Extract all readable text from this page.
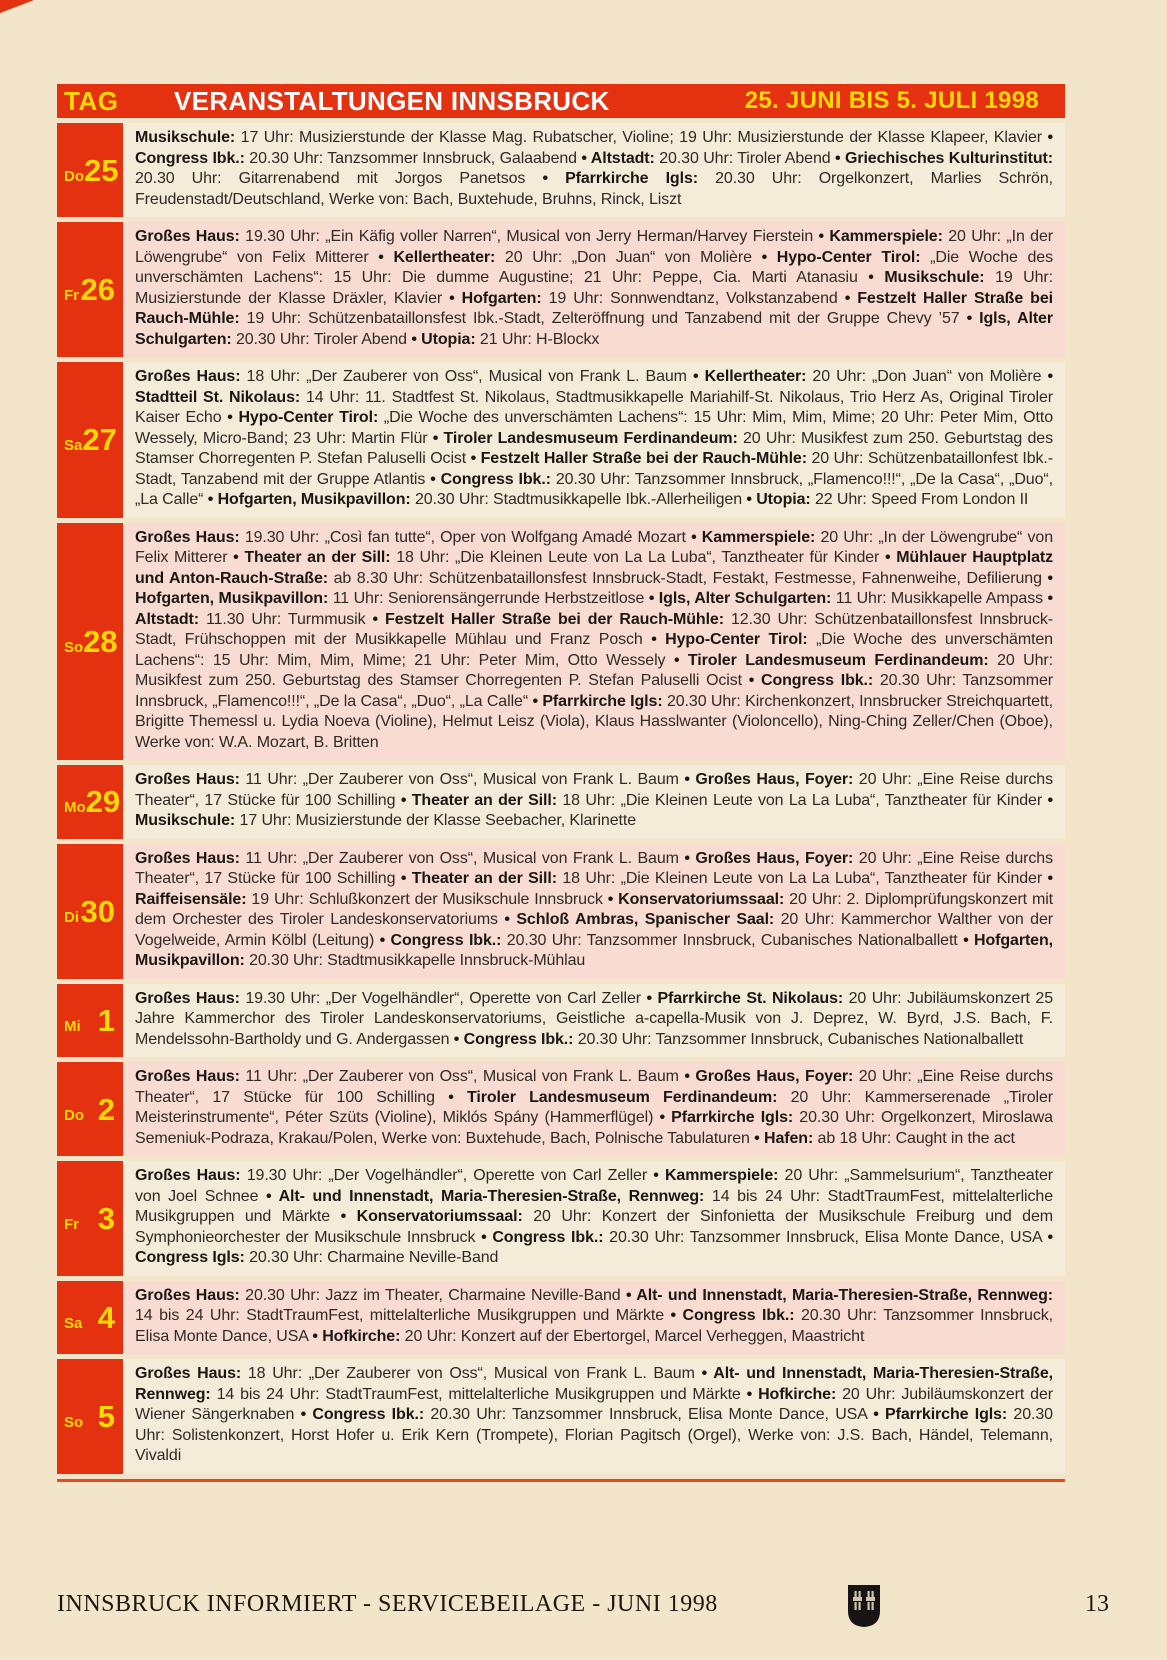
TAG	VERANSTALTUNGEN INNSBRUCK	25. JUNI BIS 5. JULI 1998
Do 25
Musikschule: 17 Uhr: Musizierstunde der Klasse Mag. Rubatscher, Violine; 19 Uhr: Musizierstunde der Klasse Klapeer, Klavier • Congress Ibk.: 20.30 Uhr: Tanzsommer Innsbruck, Galaabend • Altstadt: 20.30 Uhr: Tiroler Abend • Griechisches Kulturinstitut: 20.30 Uhr: Gitarrenabend mit Jorgos Panetsos • Pfarrkirche Igls: 20.30 Uhr: Orgelkonzert, Marlies Schrön, Freudenstadt/Deutschland, Werke von: Bach, Buxtehude, Bruhns, Rinck, Liszt
Fr 26
Großes Haus: 19.30 Uhr: „Ein Käfig voller Narren“, Musical von Jerry Herman/Harvey Fierstein • Kammerspiele: 20 Uhr: „In der Löwengrube“ von Felix Mitterer • Kellertheater: 20 Uhr: „Don Juan“ von Molière • Hypo-Center Tirol: „Die Woche des unverschämten Lachens“: 15 Uhr: Die dumme Augustine; 21 Uhr: Peppe, Cia. Marti Atanasiu • Musikschule: 19 Uhr: Musizierstunde der Klasse Dräxler, Klavier • Hofgarten: 19 Uhr: Sonnwendtanz, Volkstanzabend • Festzelt Haller Straße bei Rauch-Mühle: 19 Uhr: Schützenbataillonsfest Ibk.-Stadt, Zelteröffnung und Tanzabend mit der Gruppe Chevy ’57 • Igls, Alter Schulgarten: 20.30 Uhr: Tiroler Abend • Utopia: 21 Uhr: H-Blockx
Sa 27
Großes Haus: 18 Uhr: „Der Zauberer von Oss“, Musical von Frank L. Baum • Kellertheater: 20 Uhr: „Don Juan“ von Molière • Stadtteil St. Nikolaus: 14 Uhr: 11. Stadtfest St. Nikolaus, Stadtmusikkapelle Mariahilf-St. Nikolaus, Trio Herz As, Original Tiroler Kaiser Echo • Hypo-Center Tirol: „Die Woche des unverschämten Lachens“: 15 Uhr: Mim, Mim, Mime; 20 Uhr: Peter Mim, Otto Wessely, Micro-Band; 23 Uhr: Martin Flür • Tiroler Landesmuseum Ferdinandeum: 20 Uhr: Musikfest zum 250. Geburtstag des Stamser Chorregenten P. Stefan Paluselli Ocist • Festzelt Haller Straße bei der Rauch-Mühle: 20 Uhr: Schützenbataillonfest Ibk.-Stadt, Tanzabend mit der Gruppe Atlantis • Congress Ibk.: 20.30 Uhr: Tanzsommer Innsbruck, „Flamenco!!!“, „De la Casa“, „Duo“, „La Calle“ • Hofgarten, Musikpavillon: 20.30 Uhr: Stadtmusikkapelle Ibk.-Allerheiligen • Utopia: 22 Uhr: Speed From London II
So 28
Großes Haus: 19.30 Uhr: „Così fan tutte“, Oper von Wolfgang Amadé Mozart • Kammerspiele: 20 Uhr: „In der Löwengrube“ von Felix Mitterer • Theater an der Sill: 18 Uhr: „Die Kleinen Leute von La La Luba“, Tanztheater für Kinder • Mühlauer Hauptplatz und Anton-Rauch-Straße: ab 8.30 Uhr: Schützenbataillonsfest Innsbruck-Stadt, Festakt, Festmesse, Fahnenweihe, Defilierung • Hofgarten, Musikpavillon: 11 Uhr: Seniorensängerrunde Herbstzeitlose • Igls, Alter Schulgarten: 11 Uhr: Musikkapelle Ampass • Altstadt: 11.30 Uhr: Turmmusik • Festzelt Haller Straße bei der Rauch-Mühle: 12.30 Uhr: Schützenbataillonsfest Innsbruck-Stadt, Frühschoppen mit der Musikkapelle Mühlau und Franz Posch • Hypo-Center Tirol: „Die Woche des unverschämten Lachens“: 15 Uhr: Mim, Mim, Mime; 21 Uhr: Peter Mim, Otto Wessely • Tiroler Landesmuseum Ferdinandeum: 20 Uhr: Musikfest zum 250. Geburtstag des Stamser Chorregenten P. Stefan Paluselli Ocist • Congress Ibk.: 20.30 Uhr: Tanzsommer Innsbruck, „Flamenco!!!“, „De la Casa“, „Duo“, „La Calle“ • Pfarrkirche Igls: 20.30 Uhr: Kirchenkonzert, Innsbrucker Streichquartett, Brigitte Themessl u. Lydia Noeva (Violine), Helmut Leisz (Viola), Klaus Hasslwanter (Violoncello), Ning-Ching Zeller/Chen (Oboe), Werke von: W.A. Mozart, B. Britten
Mo 29
Großes Haus: 11 Uhr: „Der Zauberer von Oss“, Musical von Frank L. Baum • Großes Haus, Foyer: 20 Uhr: „Eine Reise durchs Theater“, 17 Stücke für 100 Schilling • Theater an der Sill: 18 Uhr: „Die Kleinen Leute von La La Luba“, Tanztheater für Kinder • Musikschule: 17 Uhr: Musizierstunde der Klasse Seebacher, Klarinette
Di 30
Großes Haus: 11 Uhr: „Der Zauberer von Oss“, Musical von Frank L. Baum • Großes Haus, Foyer: 20 Uhr: „Eine Reise durchs Theater“, 17 Stücke für 100 Schilling • Theater an der Sill: 18 Uhr: „Die Kleinen Leute von La La Luba“, Tanztheater für Kinder • Raiffeisensäle: 19 Uhr: Schlußkonzert der Musikschule Innsbruck • Konservatoriumssaal: 20 Uhr: 2. Diplomprüfungskonzert mit dem Orchester des Tiroler Landeskonservatoriums • Schloß Ambras, Spanischer Saal: 20 Uhr: Kammerchor Walther von der Vogelweide, Armin Kölbl (Leitung) • Congress Ibk.: 20.30 Uhr: Tanzsommer Innsbruck, Cubanisches Nationalballett • Hofgarten, Musikpavillon: 20.30 Uhr: Stadtmusikkapelle Innsbruck-Mühlau
Mi 1
Großes Haus: 19.30 Uhr: „Der Vogelhändler“, Operette von Carl Zeller • Pfarrkirche St. Nikolaus: 20 Uhr: Jubiläumskonzert 25 Jahre Kammerchor des Tiroler Landeskonservatoriums, Geistliche a-capella-Musik von J. Deprez, W. Byrd, J.S. Bach, F. Mendelssohn-Bartholdy und G. Andergassen • Congress Ibk.: 20.30 Uhr: Tanzsommer Innsbruck, Cubanisches Nationalballett
Do 2
Großes Haus: 11 Uhr: „Der Zauberer von Oss“, Musical von Frank L. Baum • Großes Haus, Foyer: 20 Uhr: „Eine Reise durchs Theater“, 17 Stücke für 100 Schilling • Tiroler Landesmuseum Ferdinandeum: 20 Uhr: Kammerserenade „Tiroler Meisterinstrumente“, Péter Szüts (Violine), Miklós Spány (Hammerflügel) • Pfarrkirche Igls: 20.30 Uhr: Orgelkonzert, Miroslawa Semeniuk-Podraza, Krakau/Polen, Werke von: Buxtehude, Bach, Polnische Tabulaturen • Hafen: ab 18 Uhr: Caught in the act
Fr 3
Großes Haus: 19.30 Uhr: „Der Vogelhändler“, Operette von Carl Zeller • Kammerspiele: 20 Uhr: „Sammelsurium“, Tanztheater von Joel Schnee • Alt- und Innenstadt, Maria-Theresien-Straße, Rennweg: 14 bis 24 Uhr: StadtTraumFest, mittelalterliche Musikgruppen und Märkte • Konservatoriumssaal: 20 Uhr: Konzert der Sinfonietta der Musikschule Freiburg und dem Symphonieorchester der Musikschule Innsbruck • Congress Ibk.: 20.30 Uhr: Tanzsommer Innsbruck, Elisa Monte Dance, USA • Congress Igls: 20.30 Uhr: Charmaine Neville-Band
Sa 4
Großes Haus: 20.30 Uhr: Jazz im Theater, Charmaine Neville-Band • Alt- und Innenstadt, Maria-Theresien-Straße, Rennweg: 14 bis 24 Uhr: StadtTraumFest, mittelalterliche Musikgruppen und Märkte • Congress Ibk.: 20.30 Uhr: Tanzsommer Innsbruck, Elisa Monte Dance, USA • Hofkirche: 20 Uhr: Konzert auf der Ebertorgel, Marcel Verheggen, Maastricht
So 5
Großes Haus: 18 Uhr: „Der Zauberer von Oss“, Musical von Frank L. Baum • Alt- und Innenstadt, Maria-Theresien-Straße, Rennweg: 14 bis 24 Uhr: StadtTraumFest, mittelalterliche Musikgruppen und Märkte • Hofkirche: 20 Uhr: Jubiläumskonzert der Wiener Sängerknaben • Congress Ibk.: 20.30 Uhr: Tanzsommer Innsbruck, Elisa Monte Dance, USA • Pfarrkirche Igls: 20.30 Uhr: Solistenkonzert, Horst Hofer u. Erik Kern (Trompete), Florian Pagitsch (Orgel), Werke von: J.S. Bach, Händel, Telemann, Vivaldi
INNSBRUCK INFORMIERT - SERVICEBEILAGE - JUNI 1998	13
